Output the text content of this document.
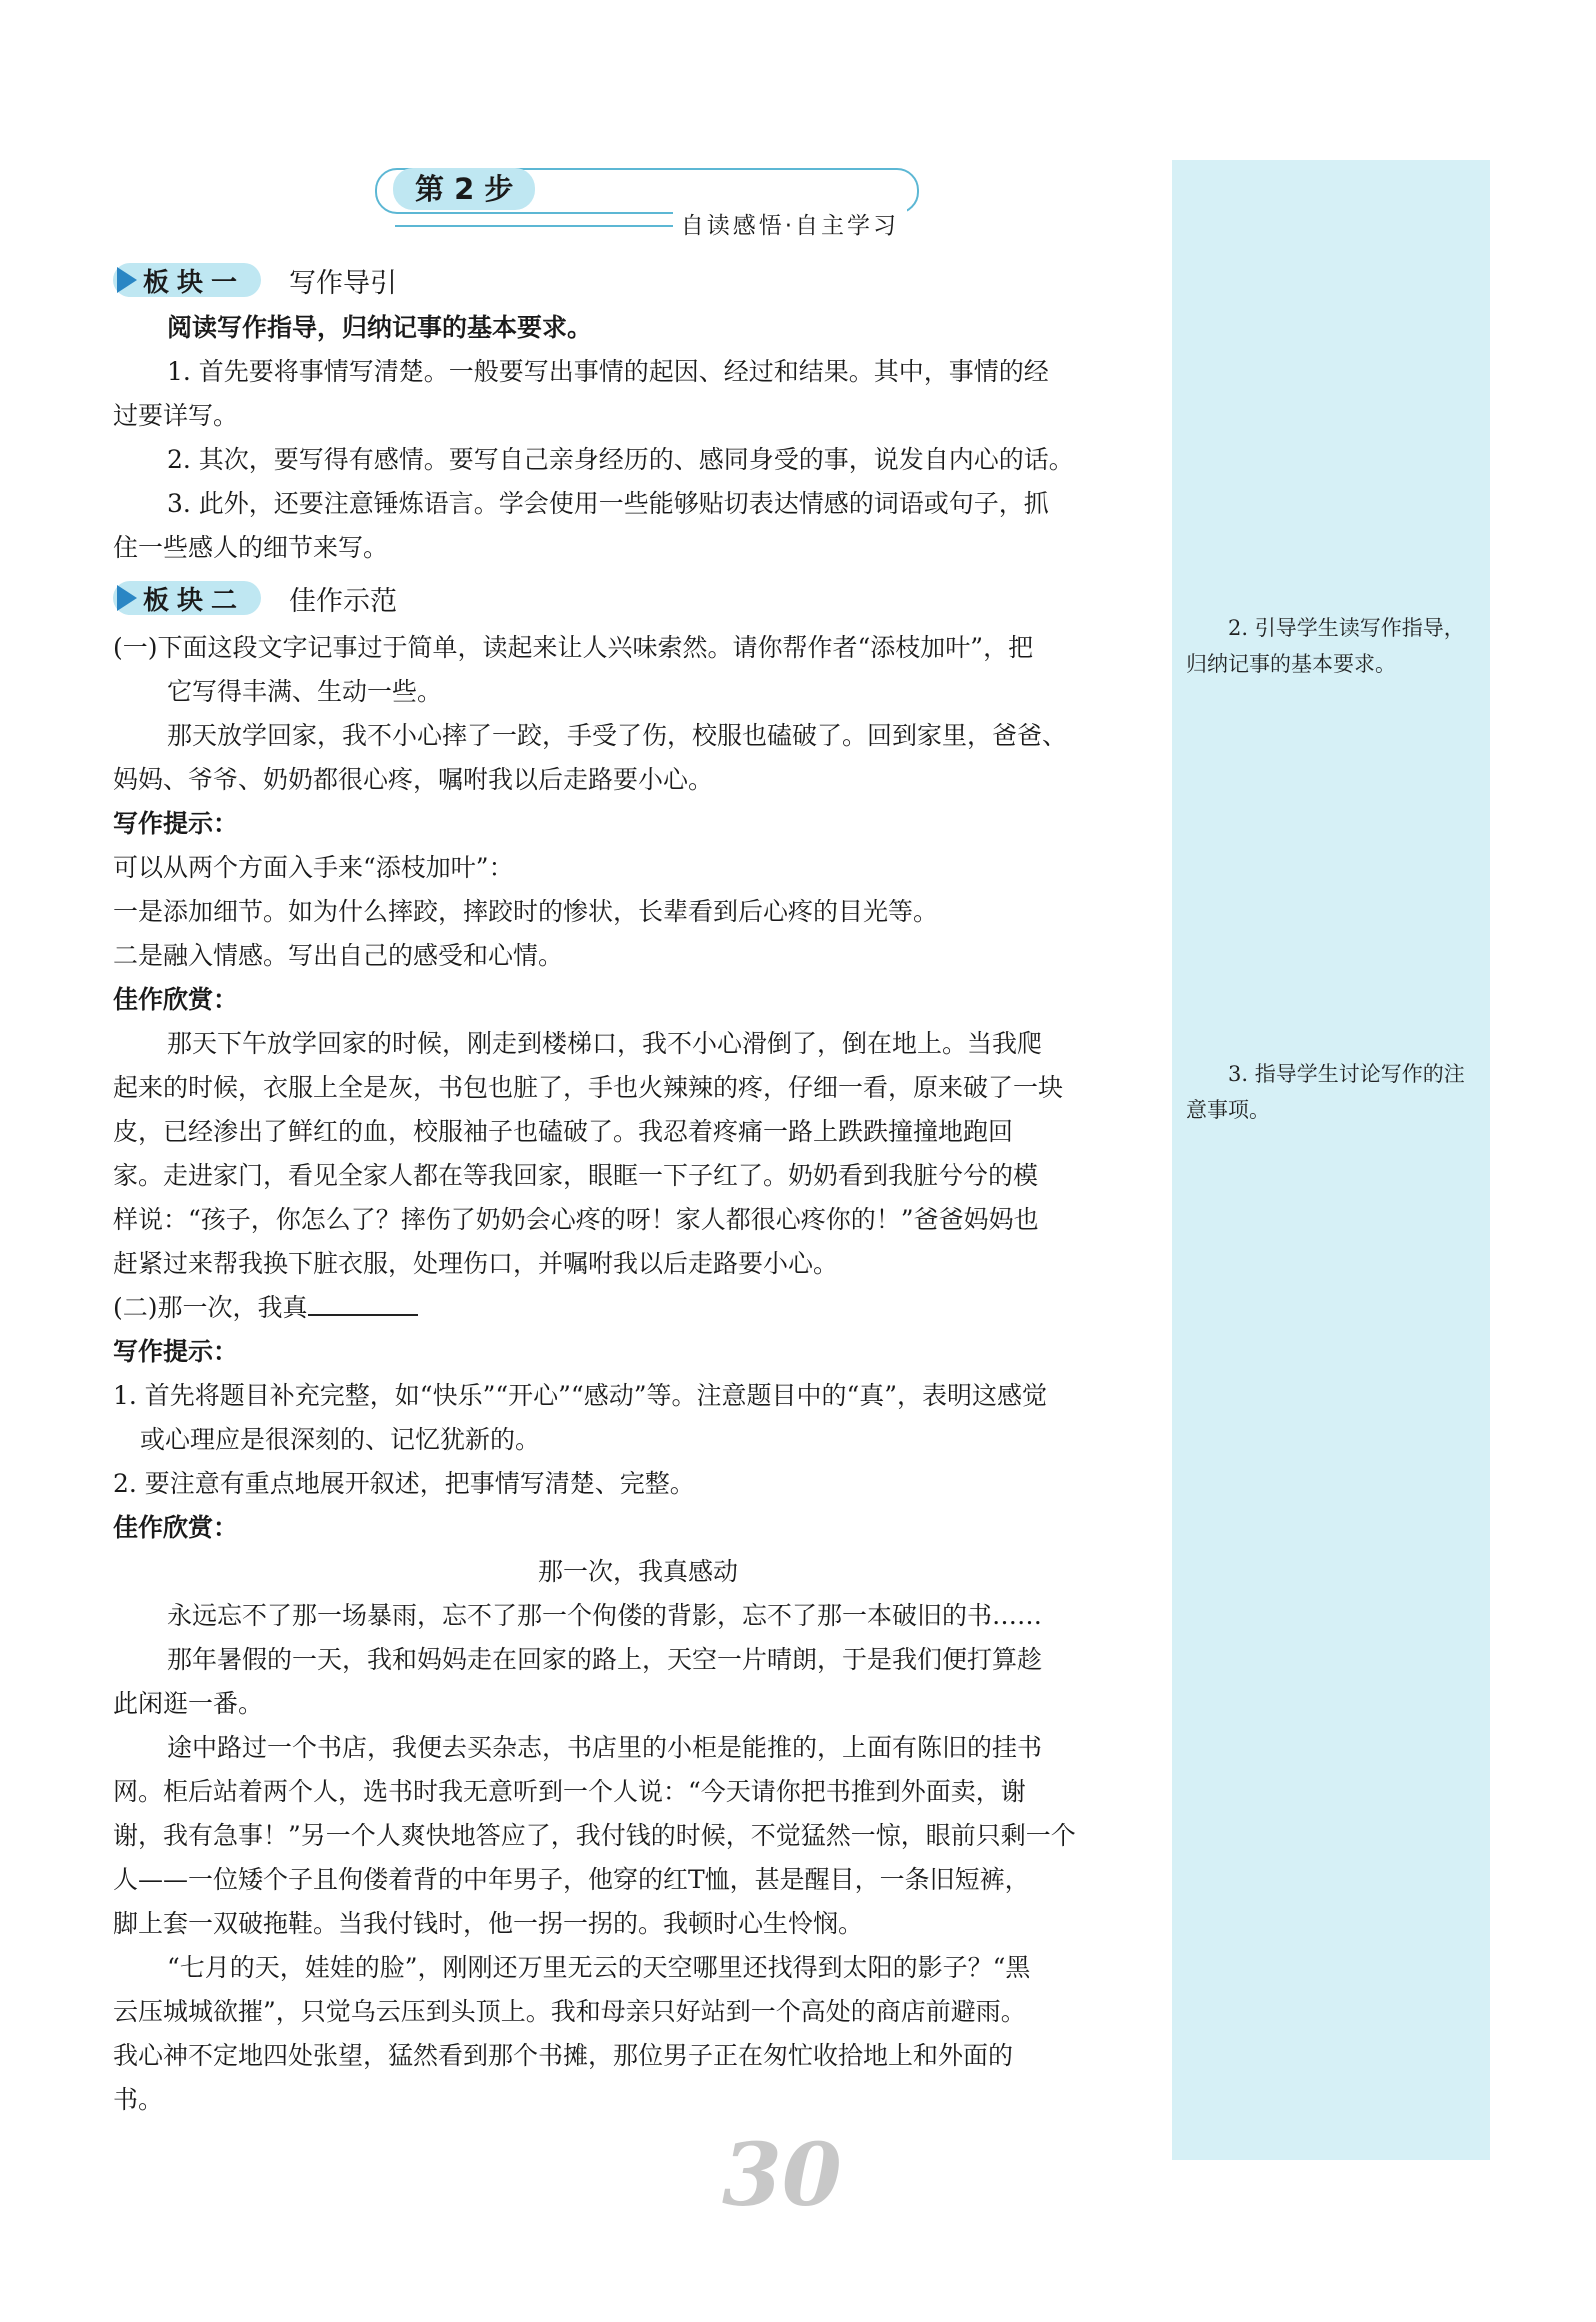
2. 引导学生读写作指导，归纳记事的基本要求。
3. 指导学生讨论写作的注意事项。
第 2 步
自读感悟·自主学习
板块一 写作导引
阅读写作指导，归纳记事的基本要求。
1. 首先要将事情写清楚。一般要写出事情的起因、经过和结果。其中，事情的经
过要详写。
2. 其次，要写得有感情。要写自己亲身经历的、感同身受的事，说发自内心的话。
3. 此外，还要注意锤炼语言。学会使用一些能够贴切表达情感的词语或句子，抓
住一些感人的细节来写。
板块二 佳作示范
(一)下面这段文字记事过于简单，读起来让人兴味索然。请你帮作者“添枝加叶”，把
它写得丰满、生动一些。
那天放学回家，我不小心摔了一跤，手受了伤，校服也磕破了。回到家里，爸爸、
妈妈、爷爷、奶奶都很心疼，嘱咐我以后走路要小心。
写作提示：
可以从两个方面入手来“添枝加叶”：
一是添加细节。如为什么摔跤，摔跤时的惨状，长辈看到后心疼的目光等。
二是融入情感。写出自己的感受和心情。
佳作欣赏：
那天下午放学回家的时候，刚走到楼梯口，我不小心滑倒了，倒在地上。当我爬
起来的时候，衣服上全是灰，书包也脏了，手也火辣辣的疼，仔细一看，原来破了一块
皮，已经渗出了鲜红的血，校服袖子也磕破了。我忍着疼痛一路上跌跌撞撞地跑回
家。走进家门，看见全家人都在等我回家，眼眶一下子红了。奶奶看到我脏兮兮的模
样说：“孩子，你怎么了？摔伤了奶奶会心疼的呀！家人都很心疼你的！”爸爸妈妈也
赶紧过来帮我换下脏衣服，处理伤口，并嘱咐我以后走路要小心。
(二)那一次，我真
写作提示：
1. 首先将题目补充完整，如“快乐”“开心”“感动”等。注意题目中的“真”，表明这感觉
或心理应是很深刻的、记忆犹新的。
2. 要注意有重点地展开叙述，把事情写清楚、完整。
佳作欣赏：
那一次，我真感动
永远忘不了那一场暴雨，忘不了那一个佝偻的背影，忘不了那一本破旧的书……
那年暑假的一天，我和妈妈走在回家的路上，天空一片晴朗，于是我们便打算趁
此闲逛一番。
途中路过一个书店，我便去买杂志，书店里的小柜是能推的，上面有陈旧的挂书
网。柜后站着两个人，选书时我无意听到一个人说：“今天请你把书推到外面卖，谢
谢，我有急事！”另一个人爽快地答应了，我付钱的时候，不觉猛然一惊，眼前只剩一个
人——一位矮个子且佝偻着背的中年男子，他穿的红T恤，甚是醒目，一条旧短裤，
脚上套一双破拖鞋。当我付钱时，他一拐一拐的。我顿时心生怜悯。
“七月的天，娃娃的脸”，刚刚还万里无云的天空哪里还找得到太阳的影子？“黑
云压城城欲摧”，只觉乌云压到头顶上。我和母亲只好站到一个高处的商店前避雨。
我心神不定地四处张望，猛然看到那个书摊，那位男子正在匆忙收拾地上和外面的
书。
30
